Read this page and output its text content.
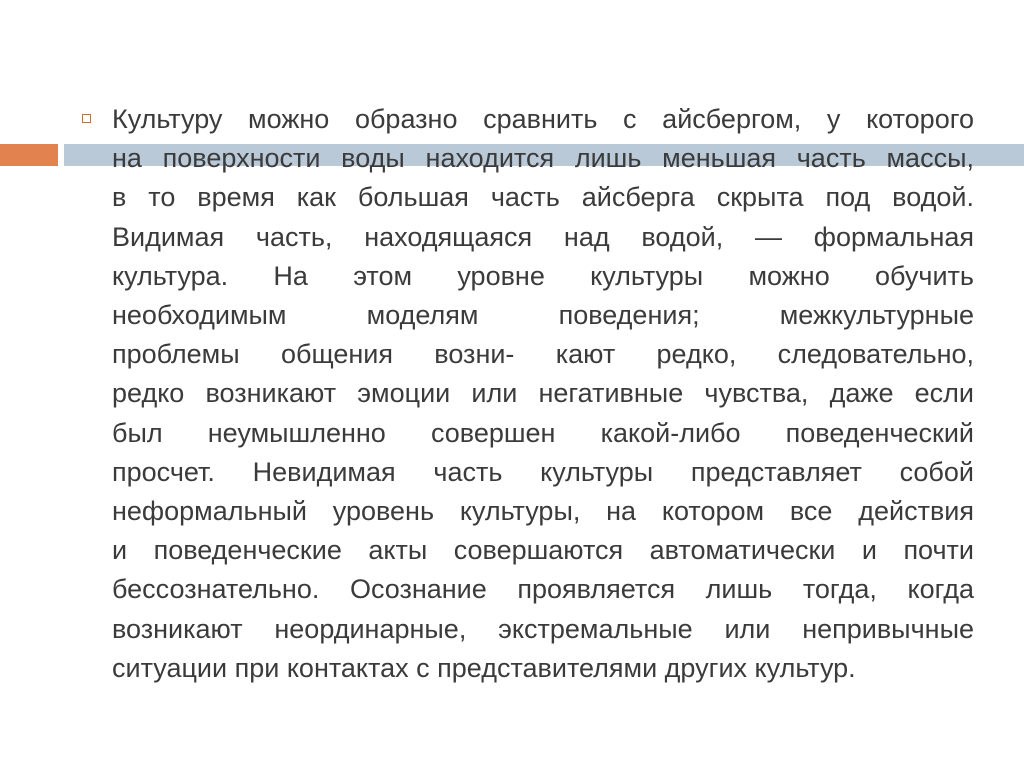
Культуру можно образно сравнить с айсбергом, у которого
на поверхности воды находится лишь меньшая часть массы,
в то время как большая часть айсберга скрыта под водой.
Видимая часть, находящаяся над водой, — формальная
культура. На этом уровне культуры можно обучить
необходимым моделям поведения; межкультурные
проблемы общения возни- кают редко, следовательно,
редко возникают эмоции или негативные чувства, даже если
был неумышленно совершен какой-либо поведенческий
просчет. Невидимая часть культуры представляет собой
неформальный уровень культуры, на котором все действия
и поведенческие акты совершаются автоматически и почти
бессознательно. Осознание проявляется лишь тогда, когда
возникают неординарные, экстремальные или непривычные
ситуации при контактах с представителями других культур.
